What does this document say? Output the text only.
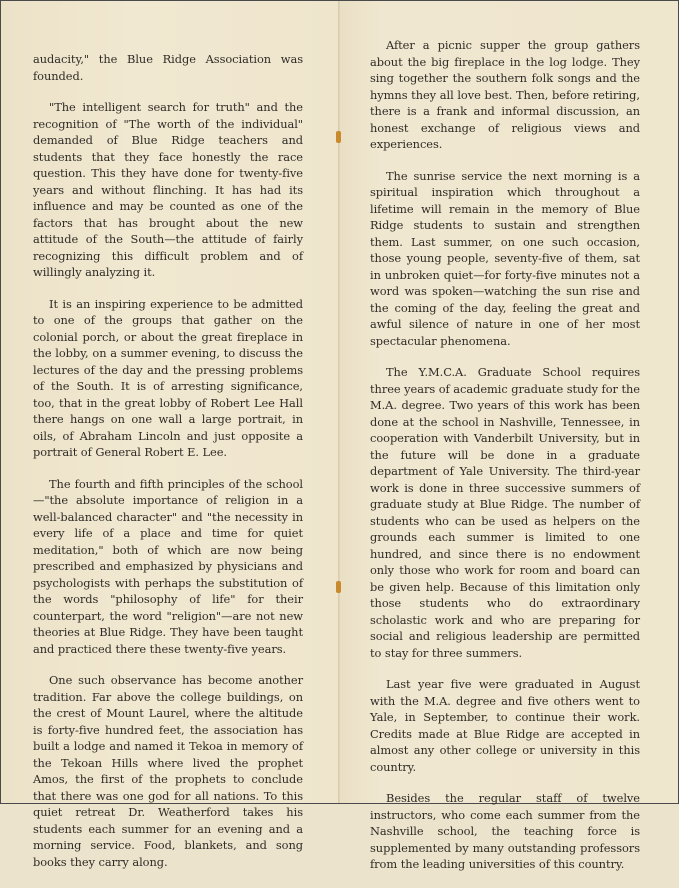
audacity," the Blue Ridge Association was founded.

"The intelligent search for truth" and the recognition of "The worth of the individual" demanded of Blue Ridge teachers and students that they face honestly the race question. This they have done for twenty-five years and without flinching. It has had its influence and may be counted as one of the factors that has brought about the new attitude of the South—the attitude of fairly recognizing this difficult problem and of willingly analyzing it.

It is an inspiring experience to be admitted to one of the groups that gather on the colonial porch, or about the great fireplace in the lobby, on a summer evening, to discuss the lectures of the day and the pressing problems of the South. It is of arresting significance, too, that in the great lobby of Robert Lee Hall there hangs on one wall a large portrait, in oils, of Abraham Lincoln and just opposite a portrait of General Robert E. Lee.

The fourth and fifth principles of the school—"the absolute importance of religion in a well-balanced character" and "the necessity in every life of a place and time for quiet meditation," both of which are now being prescribed and emphasized by physicians and psychologists with perhaps the substitution of the words "philosophy of life" for their counterpart, the word "religion"—are not new theories at Blue Ridge. They have been taught and practiced there these twenty-five years.

One such observance has become another tradition. Far above the college buildings, on the crest of Mount Laurel, where the altitude is forty-five hundred feet, the association has built a lodge and named it Tekoa in memory of the Tekoan Hills where lived the prophet Amos, the first of the prophets to conclude that there was one god for all nations. To this quiet retreat Dr. Weatherford takes his students each summer for an evening and a morning service. Food, blankets, and song books they carry along.

After a picnic supper the group gathers about the big fireplace in the log lodge. They sing together the southern folk songs and the hymns they all love best. Then, before retiring, there is a frank and informal discussion, an honest exchange of religious views and experiences.

The sunrise service the next morning is a spiritual inspiration which throughout a lifetime will remain in the memory of Blue Ridge students to sustain and strengthen them. Last summer, on one such occasion, those young people, seventy-five of them, sat in unbroken quiet—for forty-five minutes not a word was spoken—watching the sun rise and the coming of the day, feeling the great and awful silence of nature in one of her most spectacular phenomena.

The Y.M.C.A. Graduate School requires three years of academic graduate study for the M.A. degree. Two years of this work has been done at the school in Nashville, Tennessee, in cooperation with Vanderbilt University, but in the future will be done in a graduate department of Yale University. The third-year work is done in three successive summers of graduate study at Blue Ridge. The number of students who can be used as helpers on the grounds each summer is limited to one hundred, and since there is no endowment only those who work for room and board can be given help. Because of this limitation only those students who do extraordinary scholastic work and who are preparing for social and religious leadership are permitted to stay for three summers.

Last year five were graduated in August with the M.A. degree and five others went to Yale, in September, to continue their work. Credits made at Blue Ridge are accepted in almost any other college or university in this country.

Besides the regular staff of twelve instructors, who come each summer from the Nashville school, the teaching force is supplemented by many outstanding professors from the leading universities of this country.
